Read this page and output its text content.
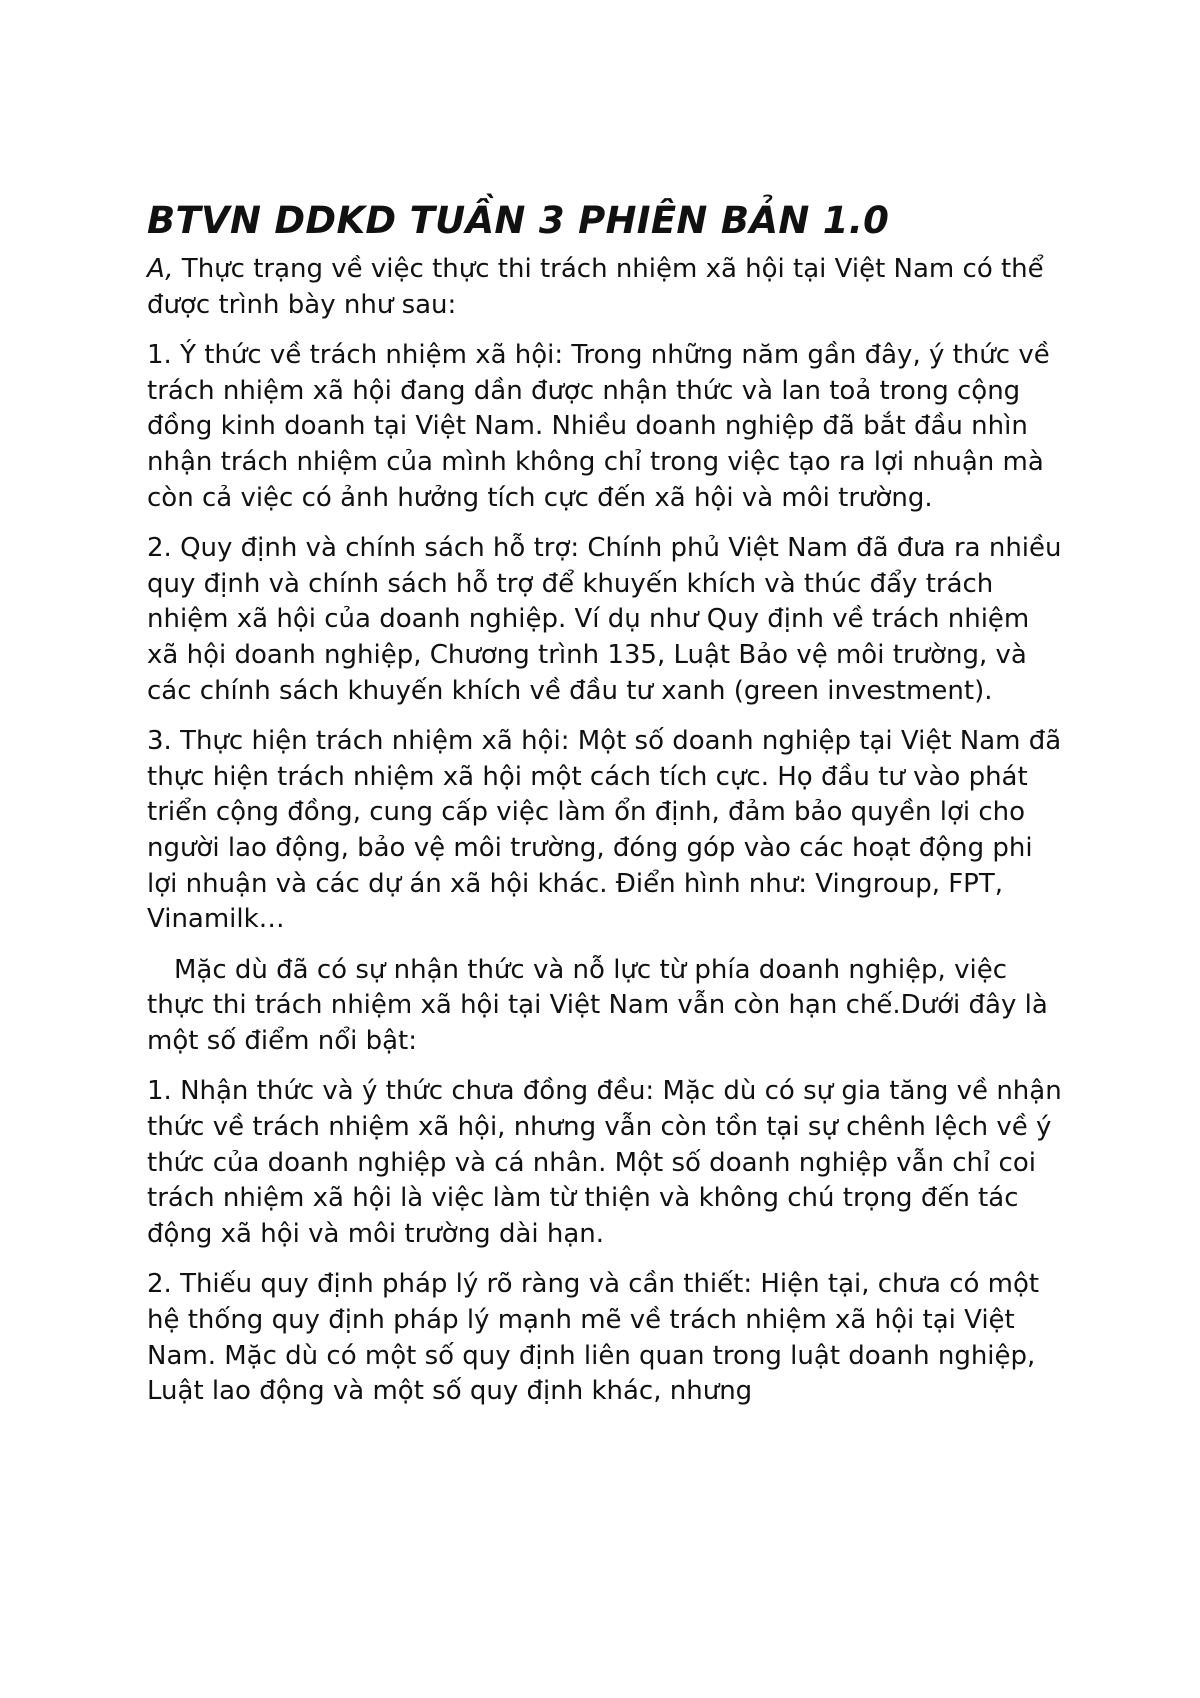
BTVN DDKD TUẦN 3 PHIÊN BẢN 1.0

A, Thực trạng về việc thực thi trách nhiệm xã hội tại Việt Nam có thể được trình bày như sau:

1. Ý thức về trách nhiệm xã hội: Trong những năm gần đây, ý thức về trách nhiệm xã hội đang dần được nhận thức và lan toả trong cộng đồng kinh doanh tại Việt Nam. Nhiều doanh nghiệp đã bắt đầu nhìn nhận trách nhiệm của mình không chỉ trong việc tạo ra lợi nhuận mà còn cả việc có ảnh hưởng tích cực đến xã hội và môi trường.

2. Quy định và chính sách hỗ trợ: Chính phủ Việt Nam đã đưa ra nhiều quy định và chính sách hỗ trợ để khuyến khích và thúc đẩy trách nhiệm xã hội của doanh nghiệp. Ví dụ như Quy định về trách nhiệm xã hội doanh nghiệp, Chương trình 135, Luật Bảo vệ môi trường, và các chính sách khuyến khích về đầu tư xanh (green investment).

3. Thực hiện trách nhiệm xã hội: Một số doanh nghiệp tại Việt Nam đã thực hiện trách nhiệm xã hội một cách tích cực. Họ đầu tư vào phát triển cộng đồng, cung cấp việc làm ổn định, đảm bảo quyền lợi cho người lao động, bảo vệ môi trường, đóng góp vào các hoạt động phi lợi nhuận và các dự án xã hội khác. Điển hình như: Vingroup, FPT, Vinamilk…

Mặc dù đã có sự nhận thức và nỗ lực từ phía doanh nghiệp, việc thực thi trách nhiệm xã hội tại Việt Nam vẫn còn hạn chế.Dưới đây là một số điểm nổi bật:

1. Nhận thức và ý thức chưa đồng đều: Mặc dù có sự gia tăng về nhận thức về trách nhiệm xã hội, nhưng vẫn còn tồn tại sự chênh lệch về ý thức của doanh nghiệp và cá nhân. Một số doanh nghiệp vẫn chỉ coi trách nhiệm xã hội là việc làm từ thiện và không chú trọng đến tác động xã hội và môi trường dài hạn.

2. Thiếu quy định pháp lý rõ ràng và cần thiết: Hiện tại, chưa có một hệ thống quy định pháp lý mạnh mẽ về trách nhiệm xã hội tại Việt Nam. Mặc dù có một số quy định liên quan trong luật doanh nghiệp, Luật lao động và một số quy định khác, nhưng
